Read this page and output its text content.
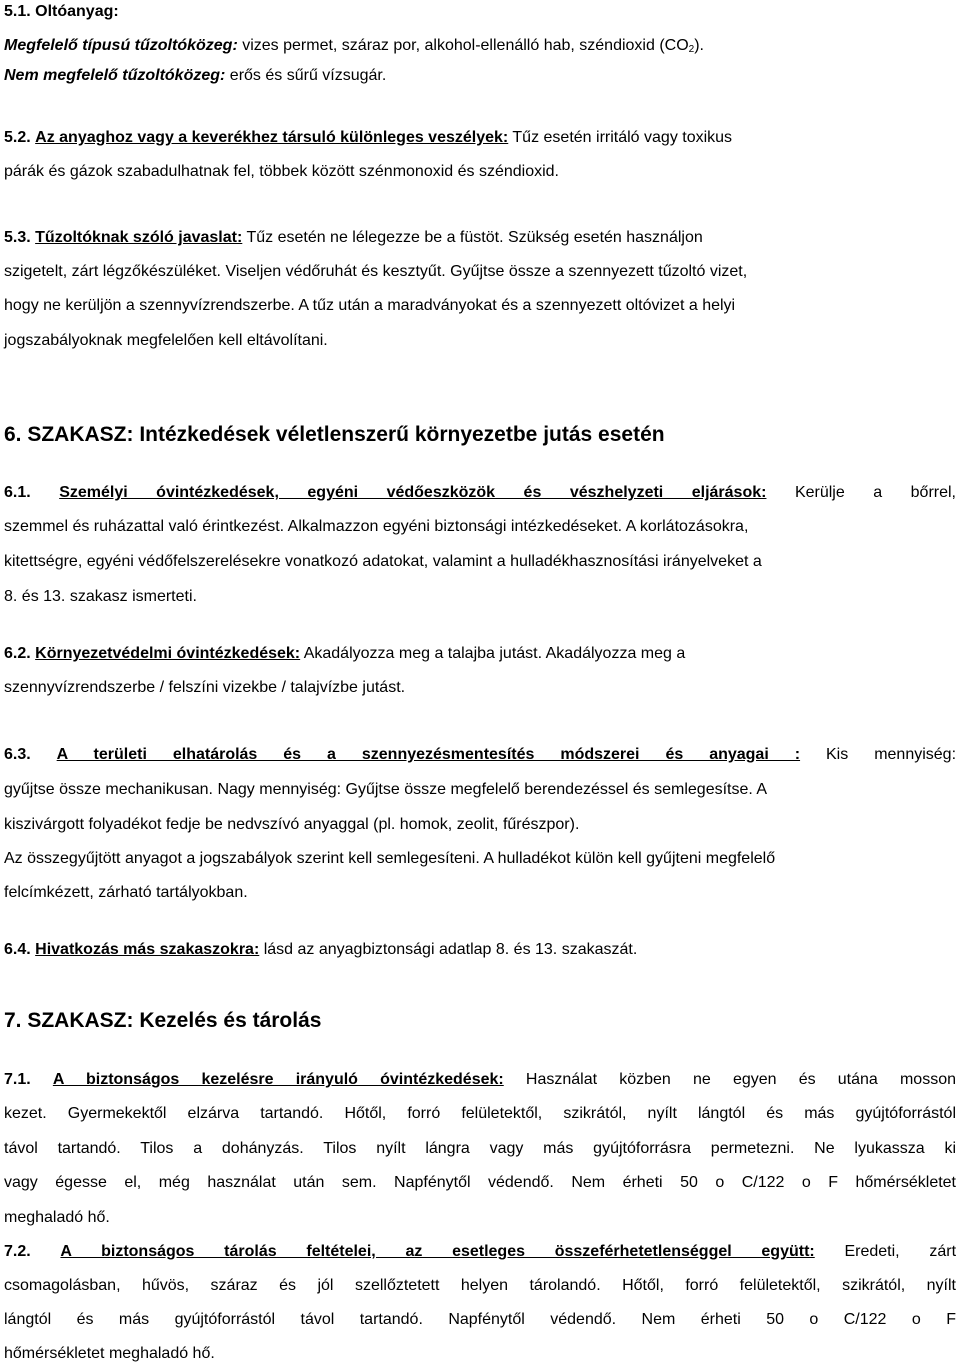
5.1. Oltóanyag:
Megfelelő típusú tűzoltóközeg: vizes permet, száraz por, alkohol-ellenálló hab, széndioxid $(CO_2)$.
Nem megfelelő tűzoltóközeg: erős és sűrű vízsugár.
5.2. Az anyaghoz vagy a keverékhez társuló különleges veszélyek: Tűz esetén irritáló vagy toxikus
párák és gázok szabadulhatnak fel, többek között szénmonoxid és széndioxid.
5.3. Tűzoltóknak szóló javaslat: Tűz esetén ne lélegezze be a füstöt. Szükség esetén használjon
szigetelt, zárt légzőkészüléket. Viseljen védőruhát és kesztyűt. Gyűjtse össze a szennyezett tűzoltó vizet,
hogy ne kerüljön a szennyvízrendszerbe. A tűz után a maradványokat és a szennyezett oltóvizet a helyi
jogszabályoknak megfelelően kell eltávolítani.
6. SZAKASZ: Intézkedések véletlenszerű környezetbe jutás esetén
6.1. Személyi óvintézkedések, egyéni védőeszközök és vészhelyzeti eljárások: Kerülje a bőrrel,
szemmel és ruházattal való érintkezést. Alkalmazzon egyéni biztonsági intézkedéseket. A korlátozásokra,
kitettségre, egyéni védőfelszerelésekre vonatkozó adatokat, valamint a hulladékhasznosítási irányelveket a
8. és 13. szakasz ismerteti.
6.2. Környezetvédelmi óvintézkedések: Akadályozza meg a talajba jutást. Akadályozza meg a
szennyvízrendszerbe / felszíni vizekbe / talajvízbe jutást.
6.3. A területi elhatárolás és a szennyezésmentesítés módszerei és anyagai : Kis mennyiség:
gyűjtse össze mechanikusan. Nagy mennyiség: Gyűjtse össze megfelelő berendezéssel és semlegesítse. A
kiszivárgott folyadékot fedje be nedvszívó anyaggal (pl. homok, zeolit, fűrészpor).
Az összegyűjtött anyagot a jogszabályok szerint kell semlegesíteni. A hulladékot külön kell gyűjteni megfelelő
felcímkézett, zárható tartályokban.
6.4. Hivatkozás más szakaszokra: lásd az anyagbiztonsági adatlap 8. és 13. szakaszát.
7. SZAKASZ: Kezelés és tárolás
7.1. A biztonságos kezelésre irányuló óvintézkedések: Használat közben ne egyen és utána mosson
kezet. Gyermekektől elzárva tartandó. Hőtől, forró felületektől, szikrától, nyílt lángtól és más gyújtóforrástól
távol tartandó. Tilos a dohányzás. Tilos nyílt lángra vagy más gyújtóforrásra permetezni. Ne lyukassza ki
vagy égesse el, még használat után sem. Napfénytől védendő. Nem érheti 50 o C/122 o F hőmérsékletet
meghaladó hő.
7.2. A biztonságos tárolás feltételei, az esetleges összeférhetetlenséggel együtt: Eredeti, zárt
csomagolásban, hűvös, száraz és jól szellőztetett helyen tárolandó. Hőtől, forró felületektől, szikrától, nyílt
lángtól és más gyújtóforrástól távol tartandó. Napfénytől védendő. Nem érheti 50 o C/122 o F
hőmérsékletet meghaladó hő.
